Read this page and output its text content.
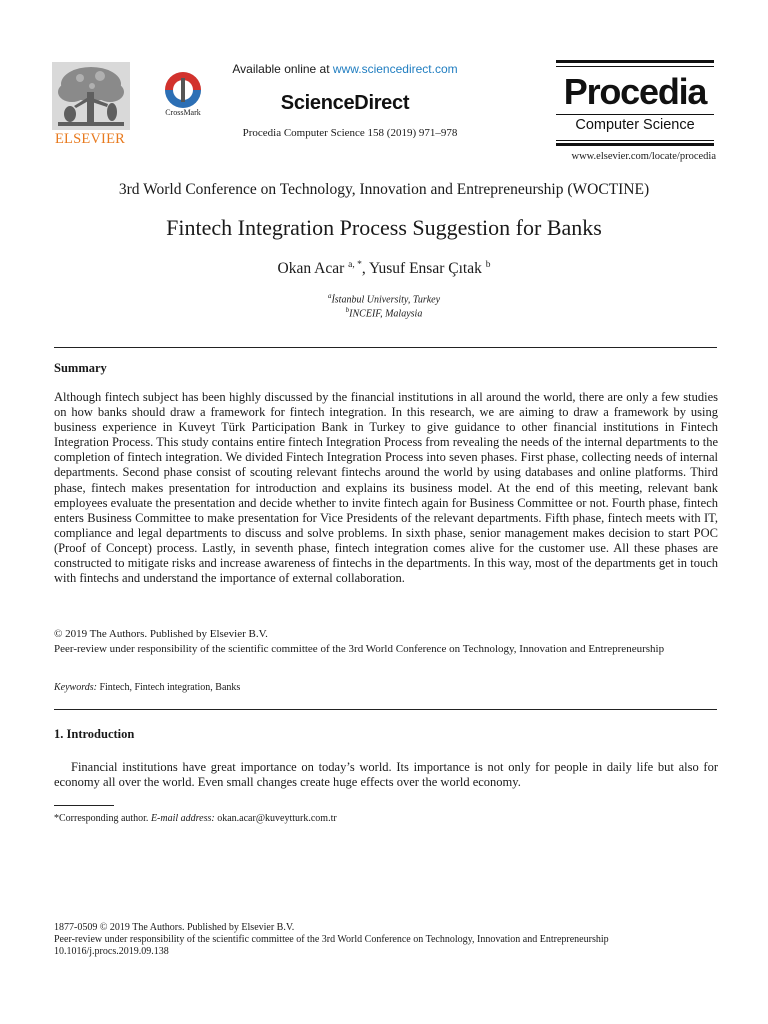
ELSEVIER
CrossMark
Available online at www.sciencedirect.com
ScienceDirect
Procedia Computer Science 158 (2019) 971–978
Procedia
Computer Science
www.elsevier.com/locate/procedia
3rd World Conference on Technology, Innovation and Entrepreneurship (WOCTINE)
Fintech Integration Process Suggestion for Banks
Okan Acar $^{a, *}$, Yusuf Ensar Çıtak $^b$
$^a$İstanbul University, Turkey
$^b$INCEIF, Malaysia
Summary
Although fintech subject has been highly discussed by the financial institutions in all around the world, there are only a few studies on how banks should draw a framework for fintech integration. In this research, we are aiming to draw a framework by using business experience in Kuveyt Türk Participation Bank in Turkey to give guidance to other financial institutions in Fintech Integration Process. This study contains entire fintech Integration Process from revealing the needs of the internal departments to the completion of fintech integration. We divided Fintech Integration Process into seven phases. First phase, collecting needs of internal departments. Second phase consist of scouting relevant fintechs around the world by using databases and online platforms. Third phase, fintech makes presentation for introduction and explains its business model. At the end of this meeting, relevant bank employees evaluate the presentation and decide whether to invite fintech again for Business Committee or not. Fourth phase, fintech enters Business Committee to make presentation for Vice Presidents of the relevant departments. Fifth phase, fintech meets with IT, compliance and legal departments to discuss and solve problems. In sixth phase, senior management makes decision to start POC (Proof of Concept) process. Lastly, in seventh phase, fintech integration comes alive for the customer use. All these phases are constructed to mitigate risks and increase awareness of fintechs in the departments. In this way, most of the departments get in touch with fintechs and understand the importance of external collaboration.
© 2019 The Authors. Published by Elsevier B.V.
Peer-review under responsibility of the scientific committee of the 3rd World Conference on Technology, Innovation and Entrepreneurship
Keywords: Fintech, Fintech integration, Banks
1. Introduction
Financial institutions have great importance on today’s world. Its importance is not only for people in daily life but also for economy all over the world. Even small changes create huge effects over the world economy.
*Corresponding author. E-mail address: okan.acar@kuveytturk.com.tr
1877-0509 © 2019 The Authors. Published by Elsevier B.V.
Peer-review under responsibility of the scientific committee of the 3rd World Conference on Technology, Innovation and Entrepreneurship
10.1016/j.procs.2019.09.138
